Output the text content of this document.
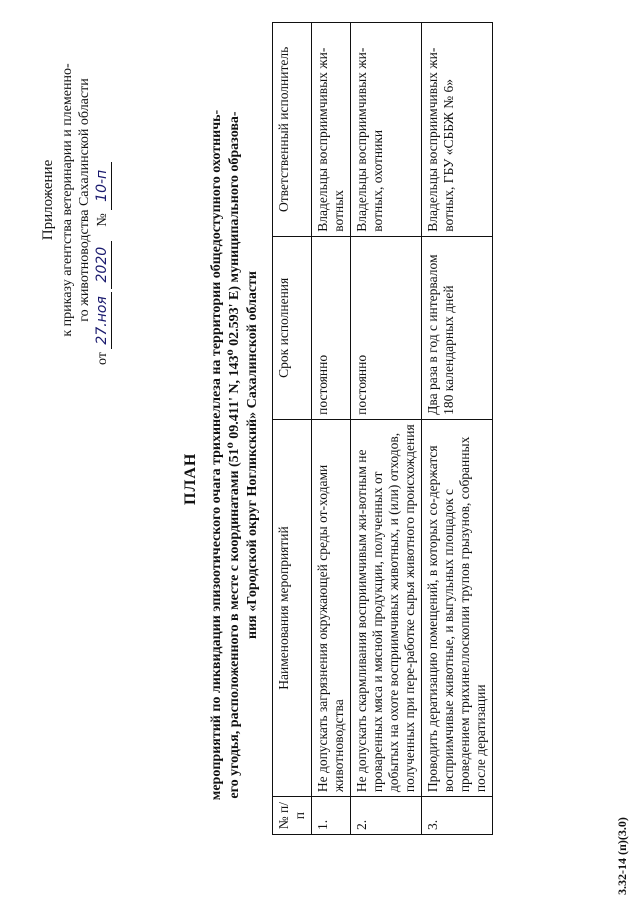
Приложение к приказу агентства ветеринарии и племенно- го животноводства Сахалинской области
от 27.ноя 2020    № 10-п
ПЛАН мероприятий по ликвидации эпизоотического очага трихинеллеза на территории общедоступного охотничь- его угодья, расположенного в месте с координатами (51⁰ 09.411' N, 143⁰ 02.593' E) муниципального образова- ния «Городской округ Ногликский» Сахалинской области
№ п/п	Наименования мероприятий	Срок исполнения	Ответственный исполнитель
1.	Не допускать загрязнения окружающей среды от-ходами животноводства	постоянно	Владельцы восприимчивых жи-вотных
2.	Не допускать скармливания восприимчивым жи-вотным не проваренных мяса и мясной продукции, полученных от добытых на охоте восприимчивых животных, и (или) отходов, полученных при пере-работке сырья животного происхождения	постоянно	Владельцы восприимчивых жи-вотных, охотники
3.	Проводить дератизацию помещений, в которых со-держатся восприимчивые животные, и выгульных площадок с проведением трихинеллоскопии трупов грызунов, собранных после дератизации	Два раза в год с интервалом 180 календарных дней	Владельцы восприимчивых жи-вотных, ГБУ «СББЖ № 6»
3.32-14 (п)(3.0)
